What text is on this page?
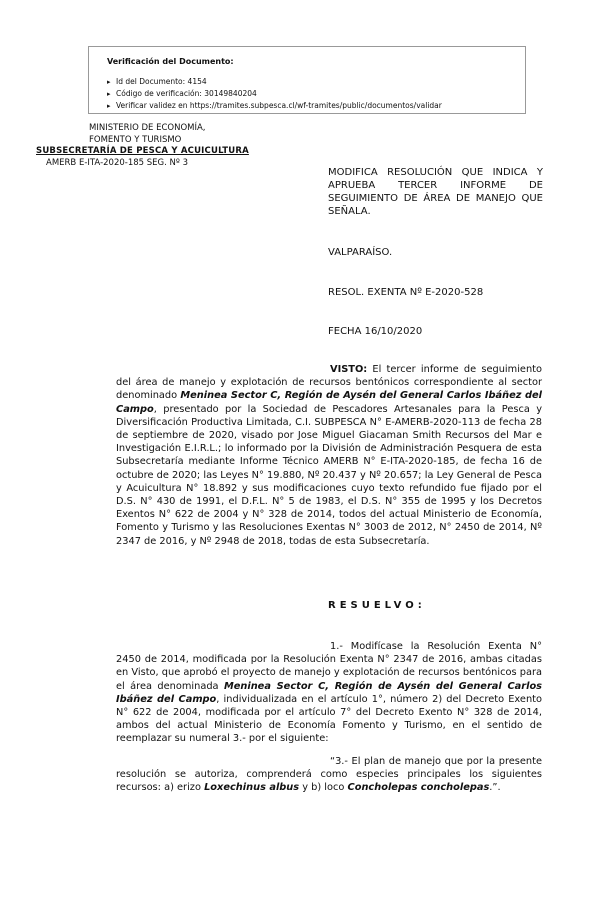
Verificación del Documento:
▸ Id del Documento: 4154
▸ Código de verificación: 30149840204
▸ Verificar validez en https://tramites.subpesca.cl/wf-tramites/public/documentos/validar
MINISTERIO DE ECONOMÍA,
FOMENTO Y TURISMO
SUBSECRETARÍA DE PESCA Y ACUICULTURA
AMERB E-ITA-2020-185 SEG. Nº 3
MODIFICA RESOLUCIÓN QUE INDICA Y APRUEBA TERCER INFORME DE SEGUIMIENTO DE ÁREA DE MANEJO QUE SEÑALA.
VALPARAÍSO.
RESOL. EXENTA Nº E-2020-528
FECHA 16/10/2020
VISTO: El tercer informe de seguimiento del área de manejo y explotación de recursos bentónicos correspondiente al sector denominado Meninea Sector C, Región de Aysén del General Carlos Ibáñez del Campo, presentado por la Sociedad de Pescadores Artesanales para la Pesca y Diversificación Productiva Limitada, C.I. SUBPESCA N° E-AMERB-2020-113 de fecha 28 de septiembre de 2020, visado por Jose Miguel Giacaman Smith Recursos del Mar e Investigación E.I.R.L.; lo informado por la División de Administración Pesquera de esta Subsecretaría mediante Informe Técnico AMERB N° E-ITA-2020-185, de fecha 16 de octubre de 2020; las Leyes N° 19.880, Nº 20.437 y Nº 20.657; la Ley General de Pesca y Acuicultura N° 18.892 y sus modificaciones cuyo texto refundido fue fijado por el D.S. N° 430 de 1991, el D.F.L. N° 5 de 1983, el D.S. N° 355 de 1995 y los Decretos Exentos N° 622 de 2004 y N° 328 de 2014, todos del actual Ministerio de Economía, Fomento y Turismo y las Resoluciones Exentas N° 3003 de 2012, N° 2450 de 2014, Nº 2347 de 2016, y Nº 2948 de 2018, todas de esta Subsecretaría.
RESUELVO:
1.- Modifícase la Resolución Exenta N° 2450 de 2014, modificada por la Resolución Exenta N° 2347 de 2016, ambas citadas en Visto, que aprobó el proyecto de manejo y explotación de recursos bentónicos para el área denominada Meninea Sector C, Región de Aysén del General Carlos Ibáñez del Campo, individualizada en el artículo 1°, número 2) del Decreto Exento N° 622 de 2004, modificada por el artículo 7° del Decreto Exento N° 328 de 2014, ambos del actual Ministerio de Economía Fomento y Turismo, en el sentido de reemplazar su numeral 3.- por el siguiente:
“3.- El plan de manejo que por la presente resolución se autoriza, comprenderá como especies principales los siguientes recursos: a) erizo Loxechinus albus y b) loco Concholepas concholepas.”.
